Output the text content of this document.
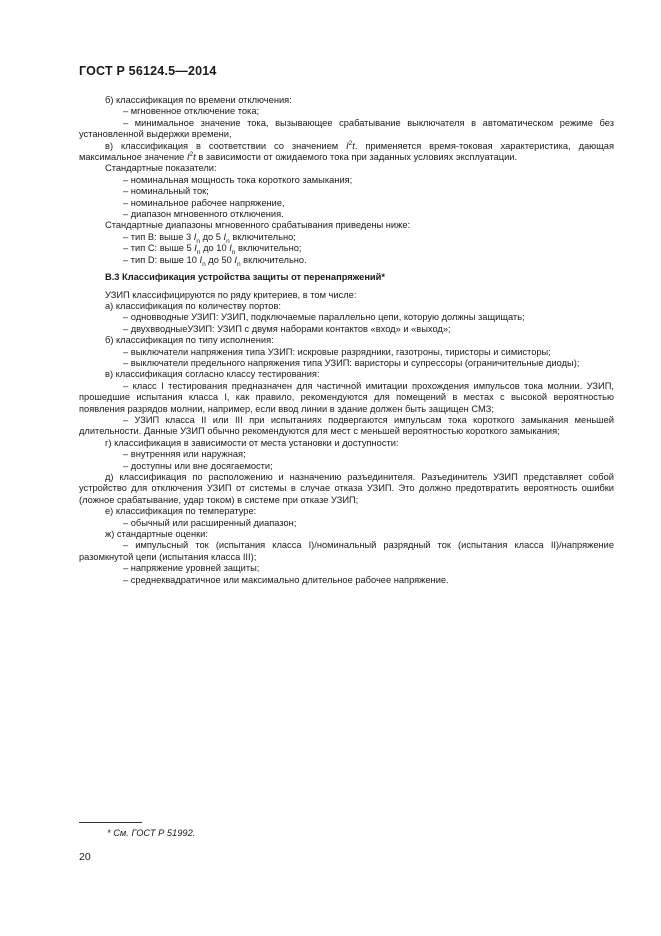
ГОСТ Р 56124.5—2014

б) классификация по времени отключения:

– мгновенное отключение тока;

– минимальное значение тока, вызывающее срабатывание выключателя в автоматическом режиме без установленной выдержки времени,

в) классификация в соответствии со значением $I^2t$. применяется время-токовая характеристика, дающая максимальное значение $I^2t$ в зависимости от ожидаемого тока при заданных условиях эксплуатации.

Стандартные показатели:

– номинальная мощность тока короткого замыкания;

– номинальный ток;

– номинальное рабочее напряжение,

– диапазон мгновенного отключения.

Стандартные диапазоны мгновенного срабатывания приведены ниже:

– тип B: выше 3 $I_n$ до 5 $I_n$ включительно;

– тип C: выше 5 $I_n$ до 10 $I_n$ включительно;

– тип D: выше 10 $I_n$ до 50 $I_n$ включительно.

В.3 Классификация устройства защиты от перенапряжений*

УЗИП классифицируются по ряду критериев, в том числе:

а) классификация по количеству портов:

– одновводные УЗИП: УЗИП, подключаемые параллельно цепи, которую должны защищать;

– двухвводныеУЗИП: УЗИП с двумя наборами контактов «вход» и «выход»;

б) классификация по типу исполнения:

– выключатели напряжения типа УЗИП: искровые разрядники, газотроны, тиристоры и симисторы;

– выключатели предельного напряжения типа УЗИП: варисторы и супрессоры (ограничительные диоды);

в) классификация согласно классу тестирования:

– класс I тестирования предназначен для частичной имитации прохождения импульсов тока молнии. УЗИП, прошедшие испытания класса I, как правило, рекомендуются для помещений в местах с высокой вероятностью появления разрядов молнии, например, если ввод линии в здание должен быть защищен СМЗ;

– УЗИП класса II или III при испытаниях подвергаются импульсам тока короткого замыкания меньшей длительности. Данные УЗИП обычно рекомендуются для мест с меньшей вероятностью короткого замыкания;

г) классификация в зависимости от места установки и доступности:

– внутренняя или наружная;

– доступны или вне досягаемости;

д) классификация по расположению и назначению разъединителя. Разъединитель УЗИП представляет собой устройство для отключения УЗИП от системы в случае отказа УЗИП. Это должно предотвратить вероятность ошибки (ложное срабатывание, удар током) в системе при отказе УЗИП;

е) классификация по температуре:

– обычный или расширенный диапазон;

ж) стандартные оценки:

– импульсный ток (испытания класса I)/номинальный разрядный ток (испытания класса II)/напряжение разомкнутой цепи (испытания класса III);

– напряжение уровней защиты;

– среднеквадратичное или максимально длительное рабочее напряжение.

* См. ГОСТ Р 51992.
20
